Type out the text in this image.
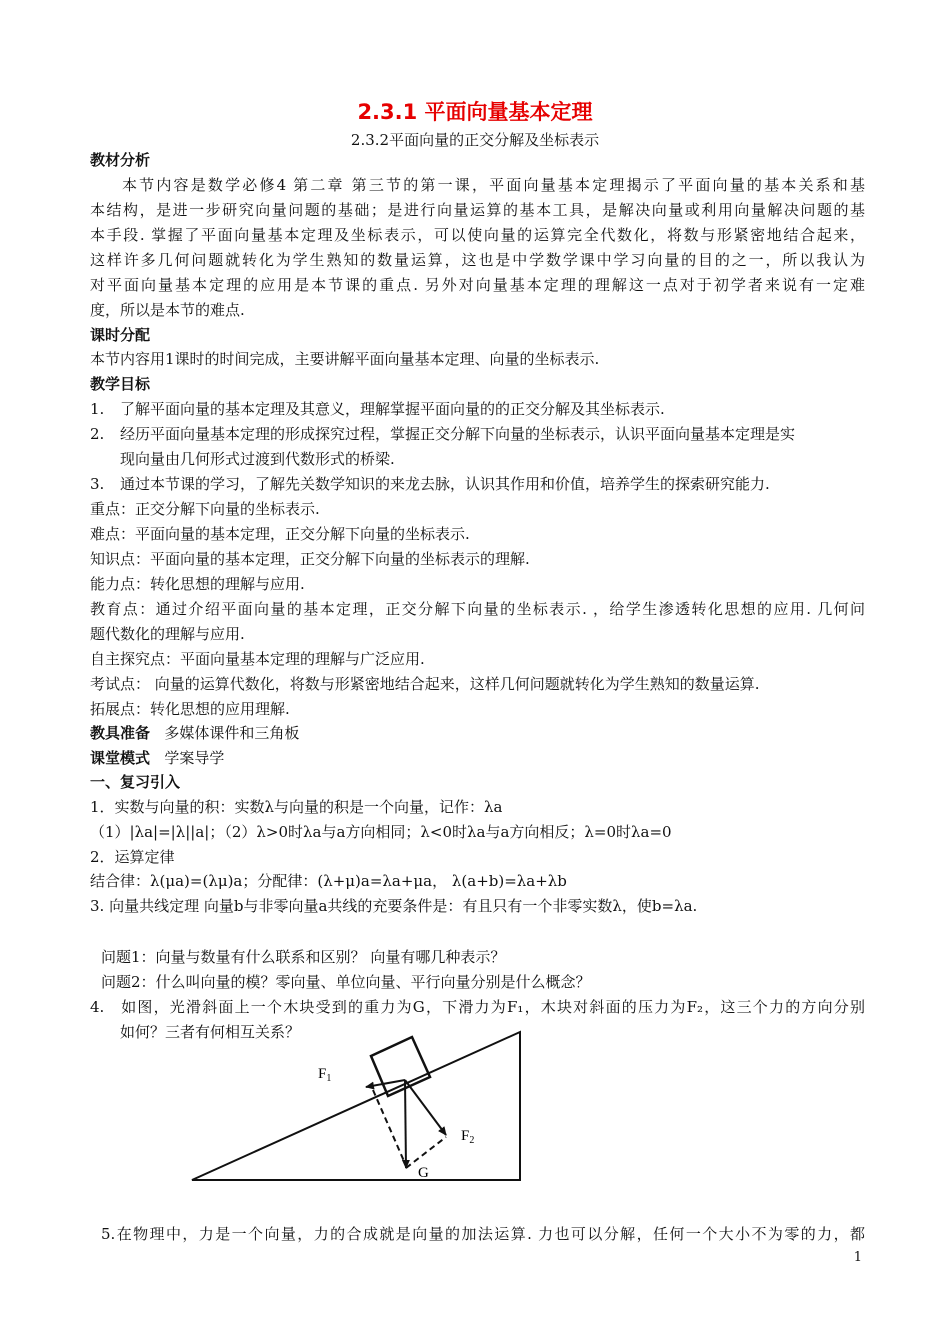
2.3.1 平面向量基本定理
2.3.2平面向量的正交分解及坐标表示
教材分析
本节内容是数学必修4 第二章 第三节的第一课，平面向量基本定理揭示了平面向量的基本关系和基
本结构，是进一步研究向量问题的基础；是进行向量运算的基本工具，是解决向量或利用向量解决问题的基
本手段. 掌握了平面向量基本定理及坐标表示，可以使向量的运算完全代数化，将数与形紧密地结合起来，
这样许多几何问题就转化为学生熟知的数量运算，这也是中学数学课中学习向量的目的之一，所以我认为
对平面向量基本定理的应用是本节课的重点. 另外对向量基本定理的理解这一点对于初学者来说有一定难
度，所以是本节的难点.
课时分配
本节内容用1课时的时间完成，主要讲解平面向量基本定理、向量的坐标表示.
教学目标
1. 了解平面向量的基本定理及其意义，理解掌握平面向量的的正交分解及其坐标表示.
2. 经历平面向量基本定理的形成探究过程，掌握正交分解下向量的坐标表示，认识平面向量基本定理是实
现向量由几何形式过渡到代数形式的桥梁.
3. 通过本节课的学习，了解先关数学知识的来龙去脉，认识其作用和价值，培养学生的探索研究能力.
重点：正交分解下向量的坐标表示.
难点：平面向量的基本定理，正交分解下向量的坐标表示.
知识点：平面向量的基本定理，正交分解下向量的坐标表示的理解.
能力点：转化思想的理解与应用.
教育点：通过介绍平面向量的基本定理，正交分解下向量的坐标表示. ，给学生渗透转化思想的应用. 几何问
题代数化的理解与应用.
自主探究点：平面向量基本定理的理解与广泛应用.
考试点： 向量的运算代数化，将数与形紧密地结合起来，这样几何问题就转化为学生熟知的数量运算.
拓展点：转化思想的应用理解.
教具准备 多媒体课件和三角板
课堂模式 学案导学
一、复习引入
1．实数与向量的积：实数λ与向量的积是一个向量，记作：λa
（1）|λa|=|λ||a|；（2）λ>0时λa与a方向相同；λ<0时λa与a方向相反；λ=0时λa=0
2．运算定律
结合律：λ(μa)=(λμ)a；分配律：(λ+μ)a=λa+μa， λ(a+b)=λa+λb
3. 向量共线定理 向量b与非零向量a共线的充要条件是：有且只有一个非零实数λ，使b=λa.
问题1：向量与数量有什么联系和区别？ 向量有哪几种表示？
问题2：什么叫向量的模？零向量、单位向量、平行向量分别是什么概念？
4. 如图，光滑斜面上一个木块受到的重力为G，下滑力为F₁，木块对斜面的压力为F₂，这三个力的方向分别
如何？三者有何相互关系？
$F_1$
$F_2$
G
5.在物理中，力是一个向量，力的合成就是向量的加法运算. 力也可以分解，任何一个大小不为零的力，都
1
